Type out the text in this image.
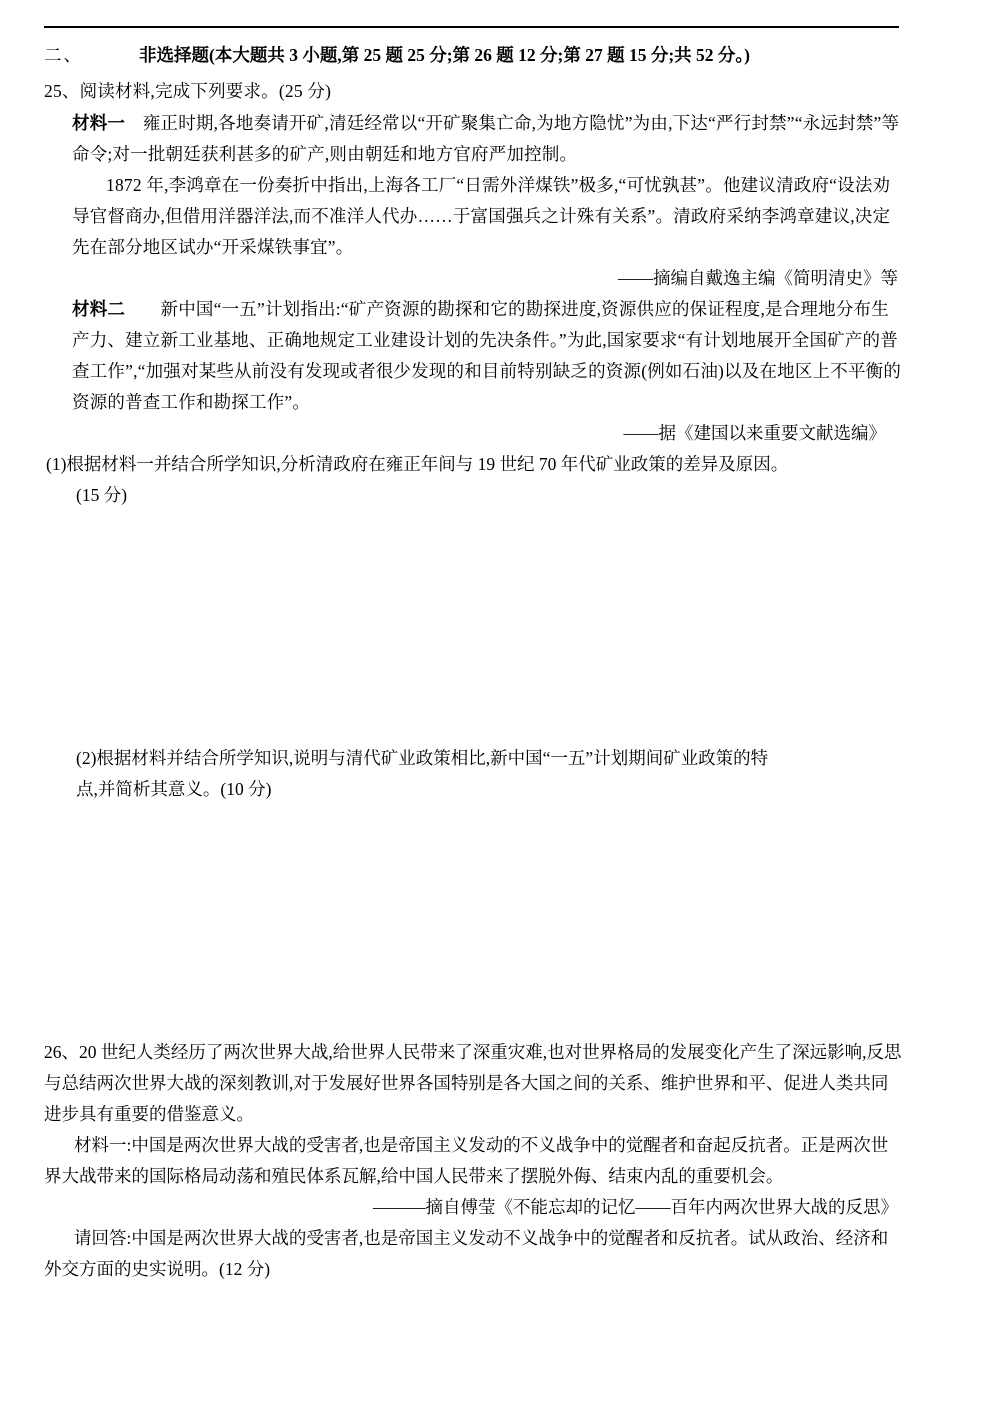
二、	非选择题(本大题共 3 小题,第 25 题 25 分;第 26 题 12 分;第 27 题 15 分;共 52 分。)
25、阅读材料,完成下列要求。(25 分)
材料一　 雍正时期,各地奏请开矿,清廷经常以“开矿聚集亡命,为地方隐忧”为由,下达“严行封禁”“永远封禁”等命令;对一批朝廷获利甚多的矿产,则由朝廷和地方官府严加控制。
1872 年,李鸿章在一份奏折中指出,上海各工厂“日需外洋煤铁”极多,“可忧孰甚”。他建议清政府“设法劝导官督商办,但借用洋器洋法,而不准洋人代办……于富国强兵之计殊有关系”。清政府采纳李鸿章建议,决定先在部分地区试办“开采煤铁事宜”。
——摘编自戴逸主编《简明清史》等
材料二　　 新中国“一五”计划指出:“矿产资源的勘探和它的勘探进度,资源供应的保证程度,是合理地分布生产力、建立新工业基地、正确地规定工业建设计划的先决条件。”为此,国家要求“有计划地展开全国矿产的普查工作”,“加强对某些从前没有发现或者很少发现的和目前特别缺乏的资源(例如石油)以及在地区上不平衡的资源的普查工作和勘探工作”。
——据《建国以来重要文献选编》
(1)根据材料一并结合所学知识,分析清政府在雍正年间与 19 世纪 70 年代矿业政策的差异及原因。
(15 分)
(2)根据材料并结合所学知识,说明与清代矿业政策相比,新中国“一五”计划期间矿业政策的特
点,并简析其意义。(10 分)
26、20 世纪人类经历了两次世界大战,给世界人民带来了深重灾难,也对世界格局的发展变化产生了深远影响,反思与总结两次世界大战的深刻教训,对于发展好世界各国特别是各大国之间的关系、维护世界和平、促进人类共同进步具有重要的借鉴意义。
材料一:中国是两次世界大战的受害者,也是帝国主义发动的不义战争中的觉醒者和奋起反抗者。正是两次世界大战带来的国际格局动荡和殖民体系瓦解,给中国人民带来了摆脱外侮、结束内乱的重要机会。
———摘自傅莹《不能忘却的记忆——百年内两次世界大战的反思》
请回答:中国是两次世界大战的受害者,也是帝国主义发动不义战争中的觉醒者和反抗者。试从政治、经济和外交方面的史实说明。(12 分)
